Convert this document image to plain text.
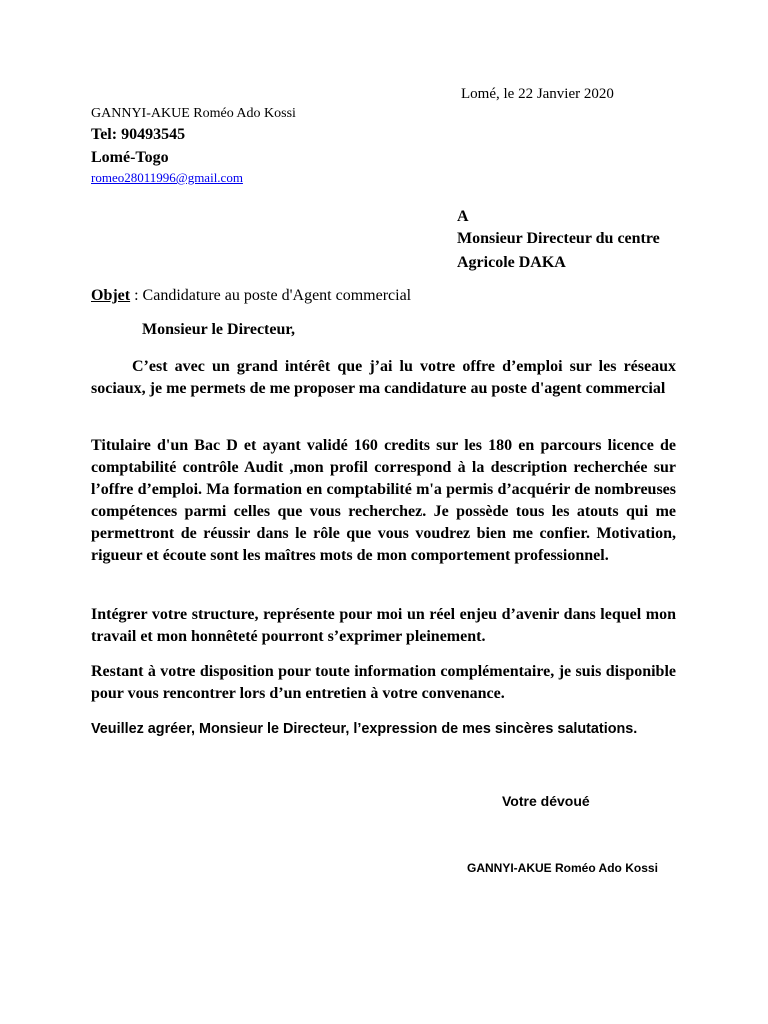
Lomé, le 22 Janvier 2020
GANNYI-AKUE Roméo Ado Kossi
Tel: 90493545
Lomé-Togo
romeo28011996@gmail.com
A
Monsieur Directeur du centre
Agricole DAKA
Objet : Candidature au poste d'Agent commercial
Monsieur le Directeur,
C’est avec un grand intérêt que j’ai lu votre offre d’emploi sur les réseaux sociaux, je me permets de me proposer ma candidature au poste d'agent commercial
Titulaire d'un Bac D et ayant validé 160 credits sur les 180 en parcours licence de comptabilité contrôle Audit ,mon profil correspond à la description recherchée sur l’offre d’emploi. Ma formation en comptabilité m'a permis d’acquérir de nombreuses compétences parmi celles que vous recherchez. Je possède tous les atouts qui me permettront de réussir dans le rôle que vous voudrez bien me confier. Motivation, rigueur et écoute sont les maîtres mots de mon comportement professionnel.
Intégrer votre structure, représente pour moi un réel enjeu d’avenir dans lequel mon travail et mon honnêteté pourront s’exprimer pleinement.
Restant à votre disposition pour toute information complémentaire, je suis disponible pour vous rencontrer lors d’un entretien à votre convenance.
Veuillez agréer, Monsieur le Directeur, l’expression de mes sincères salutations.
Votre dévoué
GANNYI-AKUE Roméo Ado Kossi
